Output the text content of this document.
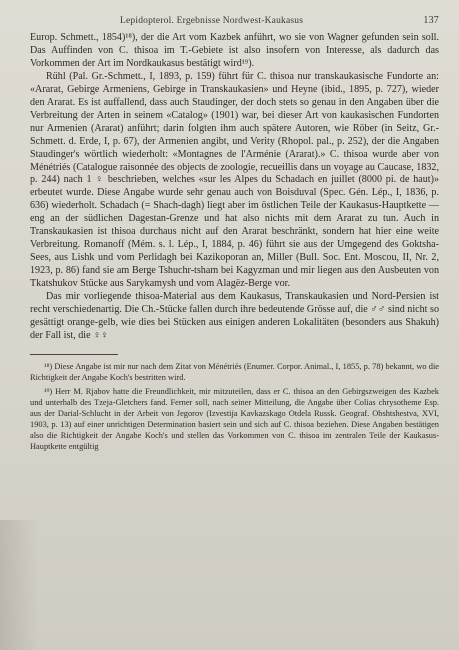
Lepidopterol. Ergebnisse Nordwest-Kaukasus	137

Europ. Schmett., 1854)¹⁸), der die Art vom Kazbek anführt, wo sie von Wagner gefunden sein soll. Das Auffinden von C. thisoa im T.-Gebiete ist also insofern von Interesse, als dadurch das Vorkommen der Art im Nordkaukasus bestätigt wird¹⁹).

Rühl (Pal. Gr.-Schmett., I, 1893, p. 159) führt für C. thisoa nur transkaukasische Fundorte an: «Ararat, Gebirge Armeniens, Gebirge in Transkaukasien» und Heyne (ibid., 1895, p. 727), wieder den Ararat. Es ist auffallend, dass auch Staudinger, der doch stets so genau in den Angaben über die Verbreitung der Arten in seinem «Catalog» (1901) war, bei dieser Art von kaukasischen Fundorten nur Armenien (Ararat) anführt; darin folgten ihm auch spätere Autoren, wie Röber (in Seitz, Gr.-Schmett. d. Erde, I, p. 67), der Armenien angibt, und Verity (Rhopol. pal., p. 252), der die Angaben Staudinger's wörtlich wiederholt: «Montagnes de l'Arménie (Ararat).» C. thisoa wurde aber von Ménétriés (Catalogue raisonnée des objects de zoologie, recueillis dans un voyage au Caucase, 1832, p. 244) nach 1 ♀ beschrieben, welches «sur les Alpes du Schadach en juillet (8000 pi. de haut)» erbeutet wurde. Diese Angabe wurde sehr genau auch von Boisduval (Spec. Gén. Lép., I, 1836, p. 636) wiederholt. Schadach (= Shach-dagh) liegt aber im östlichen Teile der Kaukasus-Hauptkette — eng an der südlichen Dagestan-Grenze und hat also nichts mit dem Ararat zu tun. Auch in Transkaukasien ist thisoa durchaus nicht auf den Ararat beschränkt, sondern hat hier eine weite Verbreitung. Romanoff (Mém. s. l. Lép., I, 1884, p. 46) führt sie aus der Umgegend des Goktsha-Sees, aus Lishk und vom Perlidagh bei Kazikoporan an, Miller (Bull. Soc. Ent. Moscou, II, Nr. 2, 1923, p. 86) fand sie am Berge Tshuchr-tsham bei Kagyzman und mir liegen aus den Ausbeuten von Tkatshukov Stücke aus Sarykamysh und vom Alagëz-Berge vor.

Das mir vorliegende thisoa-Material aus dem Kaukasus, Transkaukasien und Nord-Persien ist recht verschiedenartig. Die Ch.-Stücke fallen durch ihre bedeutende Grösse auf, die ♂♂ sind nicht so gesättigt orange-gelb, wie dies bei Stücken aus einigen anderen Lokalitäten (besonders aus Shakuh) der Fall ist, die ♀♀

¹⁸) Diese Angabe ist mir nur nach dem Zitat von Ménétriés (Enumer. Corpor. Animal., I, 1855, p. 78) bekannt, wo die Richtigkeit der Angabe Koch's bestritten wird.

¹⁹) Herr M. Rjabov hatte die Freundlichkeit, mir mitzuteilen, dass er C. thisoa an den Gebirgszweigen des Kazbek und unterhalb des Tzeja-Gletchers fand. Ferner soll, nach seiner Mitteilung, die Angabe über Colias chrysotheme Esp. aus der Darial-Schlucht in der Arbeit von Jegorov (Izvestija Kavkazskago Otdela Russk. Geograf. Obshtshestva, XVI, 1903, p. 13) auf einer unrichtigen Determination basiert sein und sich auf C. thisoa beziehen. Diese Angaben bestätigen also die Richtigkeit der Angabe Koch's und stellen das Vorkommen von C. thisoa im zentralen Teile der Kaukasus-Hauptkette entgültig
